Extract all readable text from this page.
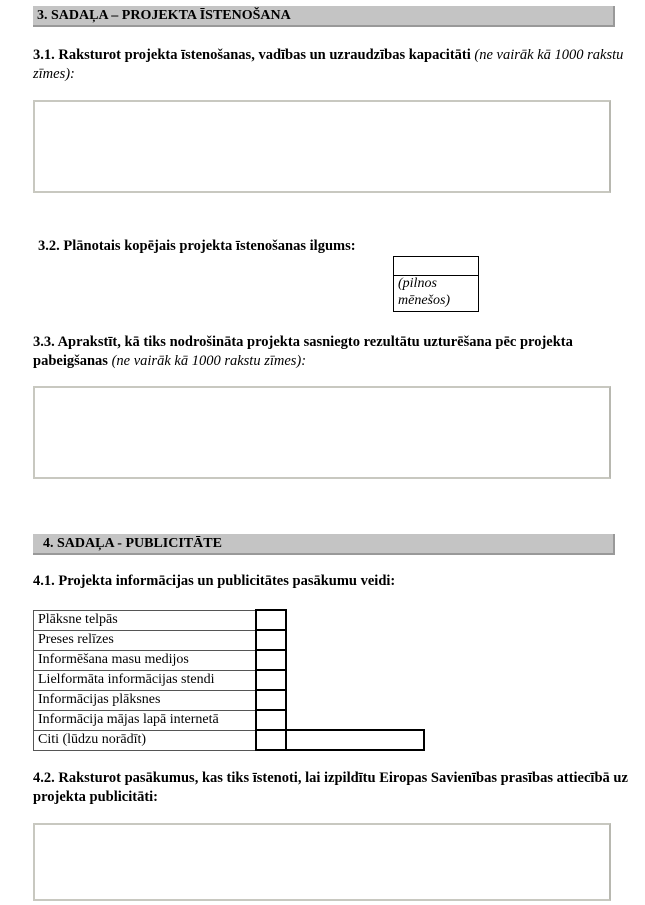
3. SADAĻA – PROJEKTA ĪSTENOŠANA
3.1. Raksturot projekta īstenošanas, vadības un uzraudzības kapacitāti (ne vairāk kā 1000 rakstu zīmes):
3.2. Plānotais kopējais projekta īstenošanas ilgums:
(pilnos mēnešos)
3.3. Aprakstīt, kā tiks nodrošināta projekta sasniegto rezultātu uzturēšana pēc projekta pabeigšanas (ne vairāk kā 1000 rakstu zīmes):
4. SADAĻA - PUBLICITĀTE
4.1. Projekta informācijas un publicitātes pasākumu veidi:
Plāksne telpās		
Preses relīzes		
Informēšana masu medijos		
Lielformāta informācijas stendi		
Informācijas plāksnes		
Informācija mājas lapā internetā		
Citi (lūdzu norādīt)		
4.2. Raksturot pasākumus, kas tiks īstenoti, lai izpildītu Eiropas Savienības prasības attiecībā uz projekta publicitāti:
